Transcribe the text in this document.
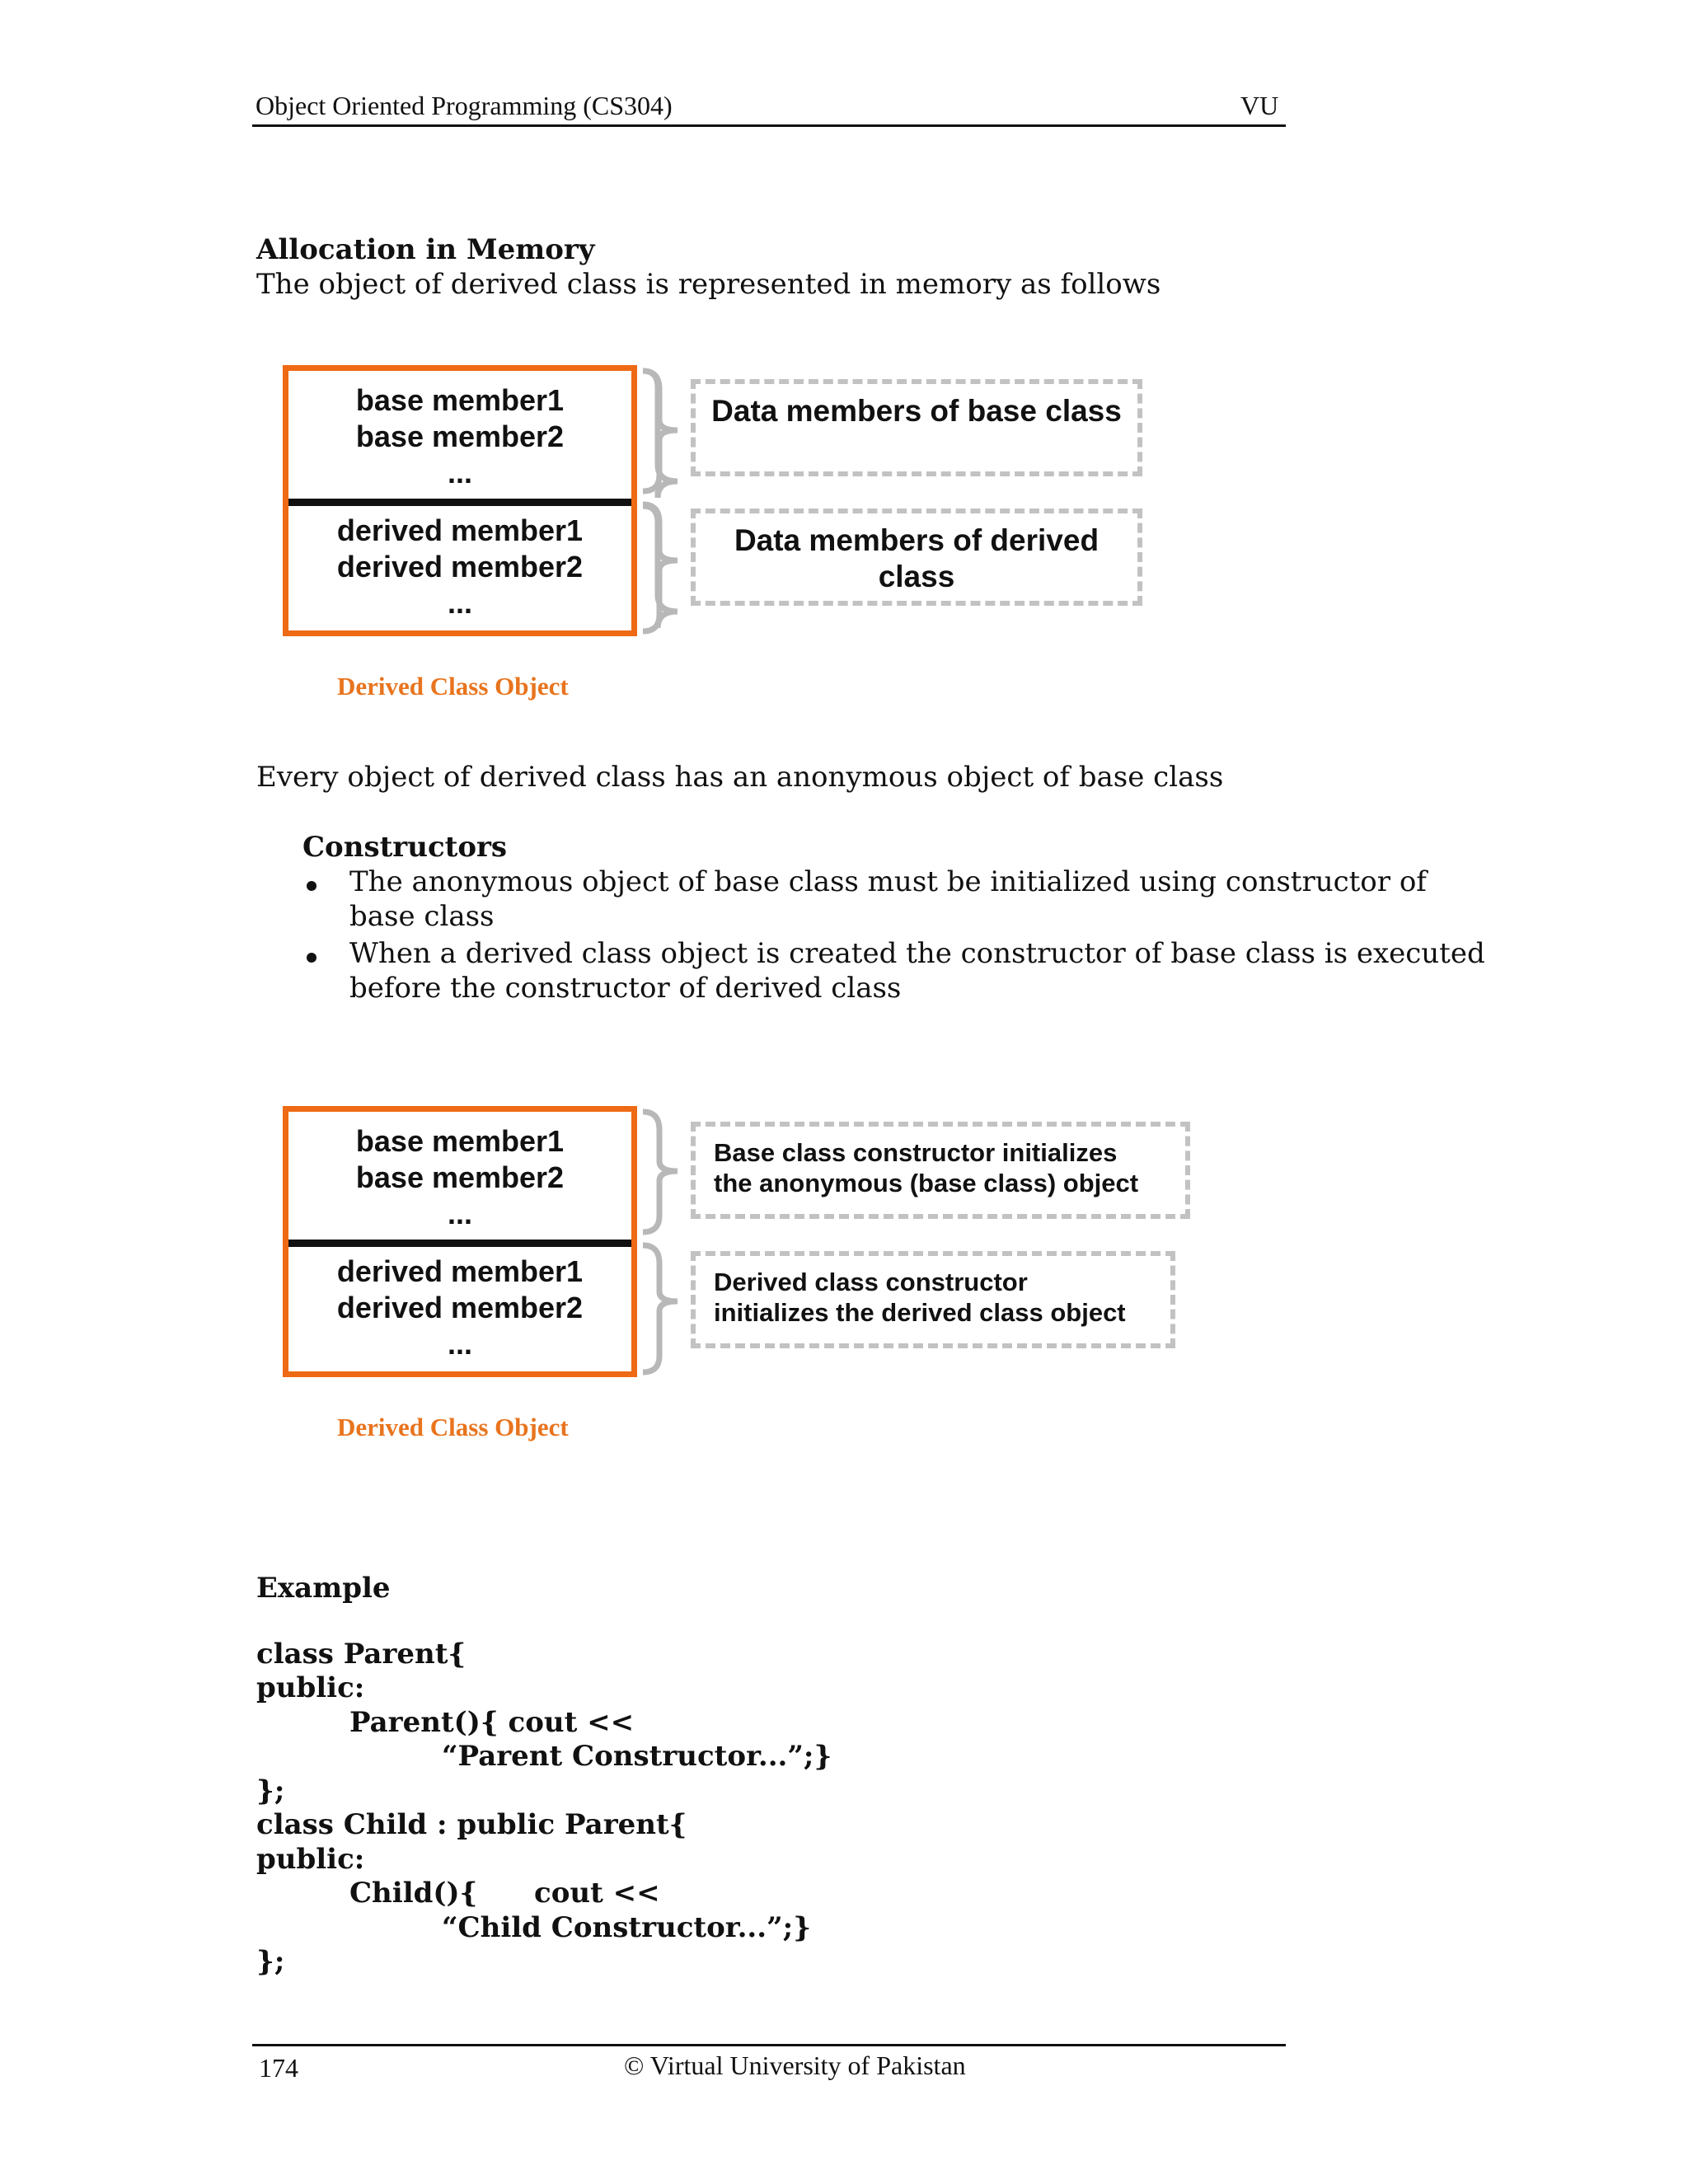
Object Oriented Programming (CS304)	VU
Allocation in Memory
The object of derived class is represented in memory as follows
base member1
base member2
...
derived member1
derived member2
...
Data members of base class
Data members of derived class
Derived Class Object
Every object of derived class has an anonymous object of base class
Constructors
The anonymous object of base class must be initialized using constructor of
base class
When a derived class object is created the constructor of base class is executed
before the constructor of derived class
base member1
base member2
...
derived member1
derived member2
...
Base class constructor initializes
the anonymous (base class) object
Derived class constructor
initializes the derived class object
Derived Class Object
Example
class Parent{
public:
Parent(){ cout <<
“Parent Constructor...”;}
};
class Child : public Parent{
public:
Child(){ cout <<
“Child Constructor...”;}
};
174	© Virtual University of Pakistan
